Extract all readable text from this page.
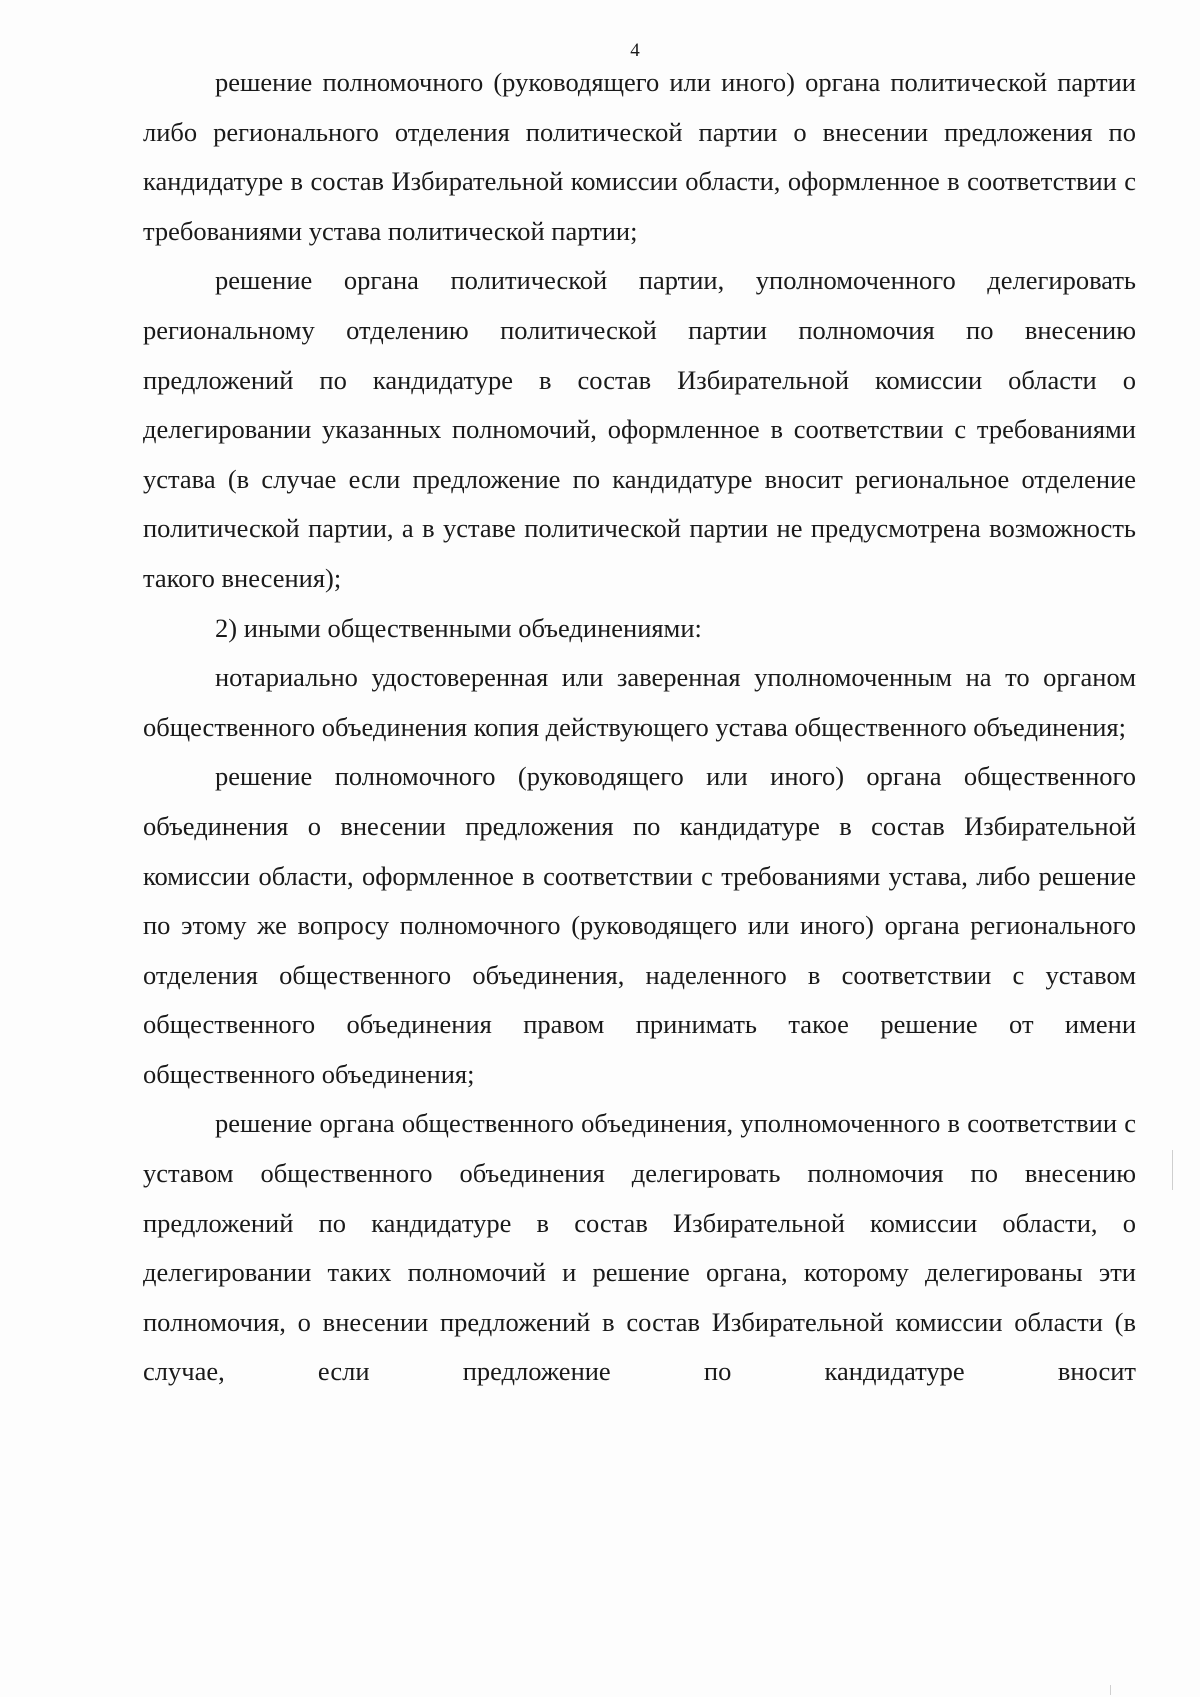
4

решение полномочного (руководящего или иного) органа политической партии либо регионального отделения политической партии о внесении предложения по кандидатуре в состав Избирательной комиссии области, оформленное в соответствии с требованиями устава политической партии;

решение органа политической партии, уполномоченного делегировать региональному отделению политической партии полномочия по внесению предложений по кандидатуре в состав Избирательной комиссии области о делегировании указанных полномочий, оформленное в соответствии с требованиями устава (в случае если предложение по кандидатуре вносит региональное отделение политической партии, а в уставе политической партии не предусмотрена возможность такого внесения);

2) иными общественными объединениями:

нотариально удостоверенная или заверенная уполномоченным на то органом общественного объединения копия действующего устава общественного объединения;

решение полномочного (руководящего или иного) органа общественного объединения о внесении предложения по кандидатуре в состав Избирательной комиссии области, оформленное в соответствии с требованиями устава, либо решение по этому же вопросу полномочного (руководящего или иного) органа регионального отделения общественного объединения, наделенного в соответствии с уставом общественного объединения правом принимать такое решение от имени общественного объединения;

решение органа общественного объединения, уполномоченного в соответствии с уставом общественного объединения делегировать полномочия по внесению предложений по кандидатуре в состав Избирательной комиссии области, о делегировании таких полномочий и решение органа, которому делегированы эти полномочия, о внесении предложений в состав Избирательной комиссии области (в случае, если предложение по кандидатуре вносит
